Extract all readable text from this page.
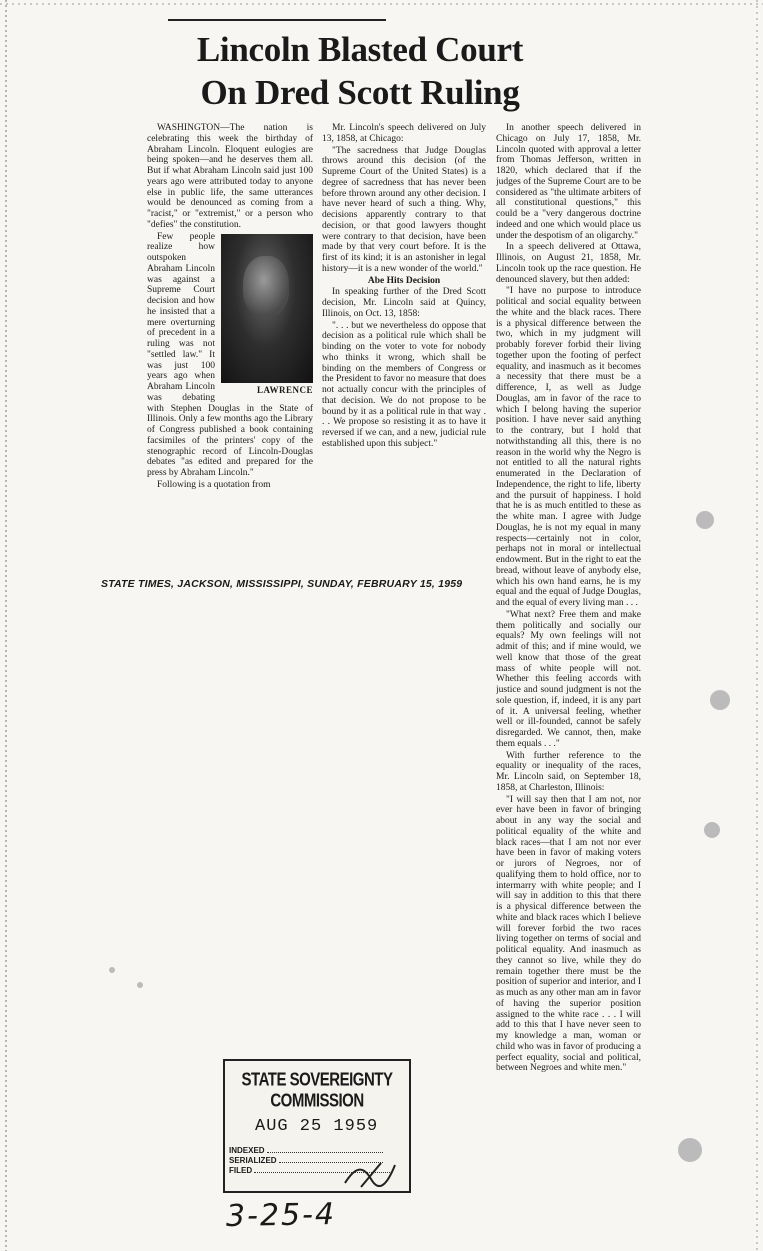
Lincoln Blasted Court
On Dred Scott Ruling

WASHINGTON—The nation is celebrating this week the birthday of Abraham Lincoln. Eloquent eulogies are being spoken—and he deserves them all. But if what Abraham Lincoln said just 100 years ago were attributed today to anyone else in public life, the same utterances would be denounced as coming from a "racist," or "extremist," or a person who "defies" the constitution.

LAWRENCE

Few people realize how outspoken Abraham Lincoln was against a Supreme Court decision and how he insisted that a mere overturning of precedent in a ruling was not "settled law." It was just 100 years ago when Abraham Lincoln was debating with Stephen Douglas in the State of Illinois. Only a few months ago the Library of Congress published a book containing facsimiles of the printers' copy of the stenographic record of Lincoln-Douglas debates "as edited and prepared for the press by Abraham Lincoln."

Following is a quotation from

Mr. Lincoln's speech delivered on July 13, 1858, at Chicago:

"The sacredness that Judge Douglas throws around this decision (of the Supreme Court of the United States) is a degree of sacredness that has never been before thrown around any other decision. I have never heard of such a thing. Why, decisions apparently contrary to that decision, or that good lawyers thought were contrary to that decision, have been made by that very court before. It is the first of its kind; it is an astonisher in legal history—it is a new wonder of the world."

Abe Hits Decision

In speaking further of the Dred Scott decision, Mr. Lincoln said at Quincy, Illinois, on Oct. 13, 1858:

". . . but we nevertheless do oppose that decision as a political rule which shall be binding on the voter to vote for nobody who thinks it wrong, which shall be binding on the members of Congress or the President to favor no measure that does not actually concur with the principles of that decision. We do not propose to be bound by it as a political rule in that way . . . We propose so resisting it as to have it reversed if we can, and a new, judicial rule established upon this subject."

In another speech delivered in Chicago on July 17, 1858, Mr. Lincoln quoted with approval a letter from Thomas Jefferson, written in 1820, which declared that if the judges of the Supreme Court are to be considered as "the ultimate arbiters of all constitutional questions," this could be a "very dangerous doctrine indeed and one which would place us under the despotism of an oligarchy."

In a speech delivered at Ottawa, Illinois, on August 21, 1858, Mr. Lincoln took up the race question. He denounced slavery, but then added:

"I have no purpose to introduce political and social equality between the white and the black races. There is a physical difference between the two, which in my judgment will probably forever forbid their living together upon the footing of perfect equality, and inasmuch as it becomes a necessity that there must be a difference, I, as well as Judge Douglas, am in favor of the race to which I belong having the superior position. I have never said anything to the contrary, but I hold that notwithstanding all this, there is no reason in the world why the Negro is not entitled to all the natural rights enumerated in the Declaration of Independence, the right to life, liberty and the pursuit of happiness. I hold that he is as much entitled to these as the white man. I agree with Judge Douglas, he is not my equal in many respects—certainly not in color, perhaps not in moral or intellectual endowment. But in the right to eat the bread, without leave of anybody else, which his own hand earns, he is my equal and the equal of Judge Douglas, and the equal of every living man . . .

"What next? Free them and make them politically and socially our equals? My own feelings will not admit of this; and if mine would, we well know that those of the great mass of white people will not. Whether this feeling accords with justice and sound judgment is not the sole question, if, indeed, it is any part of it. A universal feeling, whether well or ill-founded, cannot be safely disregarded. We cannot, then, make them equals . . ."

With further reference to the equality or inequality of the races, Mr. Lincoln said, on September 18, 1858, at Charleston, Illinois:

"I will say then that I am not, nor ever have been in favor of bringing about in any way the social and political equality of the white and black races—that I am not nor ever have been in favor of making voters or jurors of Negroes, nor of qualifying them to hold office, nor to intermarry with white people; and I will say in addition to this that there is a physical difference between the white and black races which I believe will forever forbid the two races living together on terms of social and political equality. And inasmuch as they cannot so live, while they do remain together there must be the position of superior and interior, and I as much as any other man am in favor of having the superior position assigned to the white race . . . I will add to this that I have never seen to my knowledge a man, woman or child who was in favor of producing a perfect equality, social and political, between Negroes and white men."

STATE TIMES, JACKSON, MISSISSIPPI, SUNDAY, FEBRUARY 15, 1959
STATE SOVEREIGNTY COMMISSION
AUG 25 1959
INDEXED
SERIALIZED
FILED
3-25-4
